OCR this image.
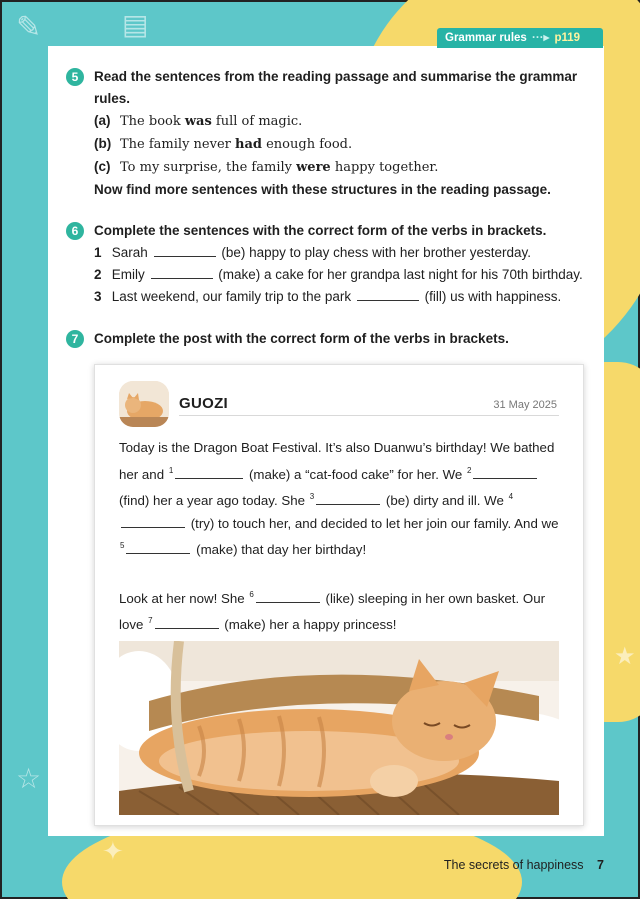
✎	▤
☆
✦
★
Grammar rules ···▸ p119
5	Read the sentences from the reading passage and summarise the grammar rules.
(a) The book was full of magic.
(b) The family never had enough food.
(c) To my surprise, the family were happy together.
Now find more sentences with these structures in the reading passage.
6	Complete the sentences with the correct form of the verbs in brackets.
1 Sarah	(be) happy to play chess with her brother yesterday.
2 Emily	(make) a cake for her grandpa last night for his 70th birthday.
3 Last weekend, our family trip to the park	(fill) us with happiness.
7	Complete the post with the correct form of the verbs in brackets.
GUOZI	31 May 2025

Today is the Dragon Boat Festival. It’s also Duanwu’s birthday! We bathed her and $^1$	(make) a “cat-food cake” for her. We $^2$ (find) her a year ago today. She $^3$	(be) dirty and ill. We $^4$ (try) to touch her, and decided to let her join our family. And we $^5$	(make) that day her birthday!

Look at her now! She $^6$	(like) sleeping in her own basket. Our love $^7$	(make) her a happy princess!

The secrets of happiness 7
